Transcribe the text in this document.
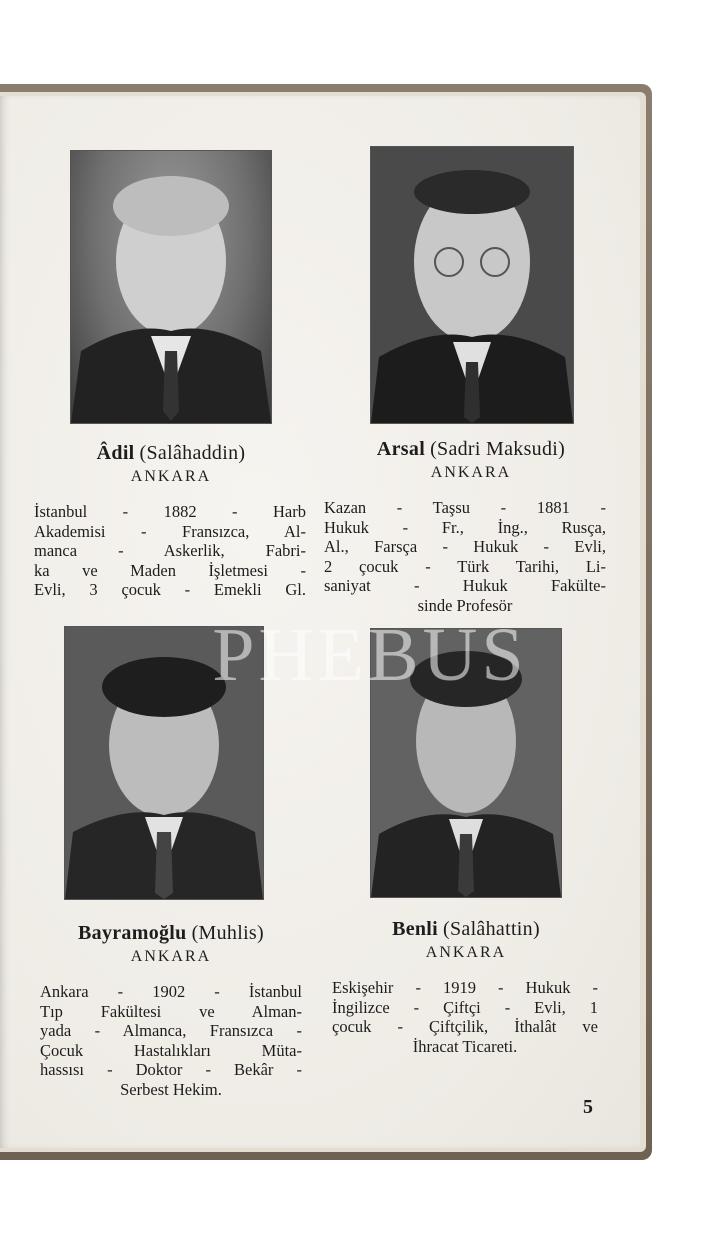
Âdil (Salâhaddin)
ANKARA
İstanbul - 1882 - Harb
Akademisi - Fransızca, Al-
manca - Askerlik, Fabri-
ka ve Maden İşletmesi -
Evli, 3 çocuk - Emekli Gl.
Arsal (Sadri Maksudi)
ANKARA
Kazan - Taşsu - 1881 -
Hukuk - Fr., İng., Rusça,
Al., Farsça - Hukuk - Evli,
2 çocuk - Türk Tarihi, Li-
saniyat - Hukuk Fakülte-
sinde Profesör
Bayramoğlu (Muhlis)
ANKARA
Ankara - 1902 - İstanbul
Tıp Fakültesi ve Alman-
yada - Almanca, Fransızca -
Çocuk Hastalıkları Müta-
hassısı - Doktor - Bekâr -
Serbest Hekim.
Benli (Salâhattin)
ANKARA
Eskişehir - 1919 - Hukuk -
İngilizce - Çiftçi - Evli, 1
çocuk - Çiftçilik, İthalât ve
İhracat Ticareti.
PHEBUS
5
